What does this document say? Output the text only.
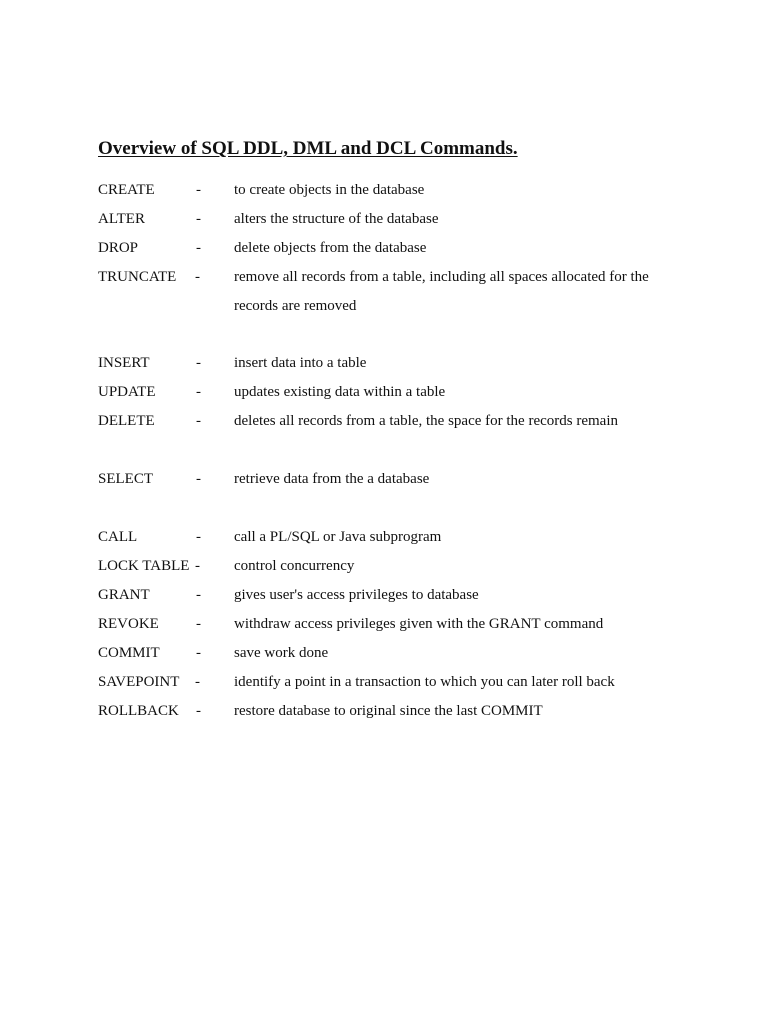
Overview of SQL DDL, DML and DCL Commands.
CREATE	- to create objects in the database
ALTER	- alters the structure of the database
DROP	- delete objects from the database
TRUNCATE - remove all records from a table, including all spaces allocated for the records are removed
INSERT	- insert data into a table
UPDATE	- updates existing data within a table
DELETE	- deletes all records from a table, the space for the records remain
SELECT	- retrieve data from the a database
CALL	- call a PL/SQL or Java subprogram
LOCK TABLE - control concurrency
GRANT	- gives user's access privileges to database
REVOKE - withdraw access privileges given with the GRANT command
COMMIT - save work done
SAVEPOINT - identify a point in a transaction to which you can later roll back
ROLLBACK - restore database to original since the last COMMIT
